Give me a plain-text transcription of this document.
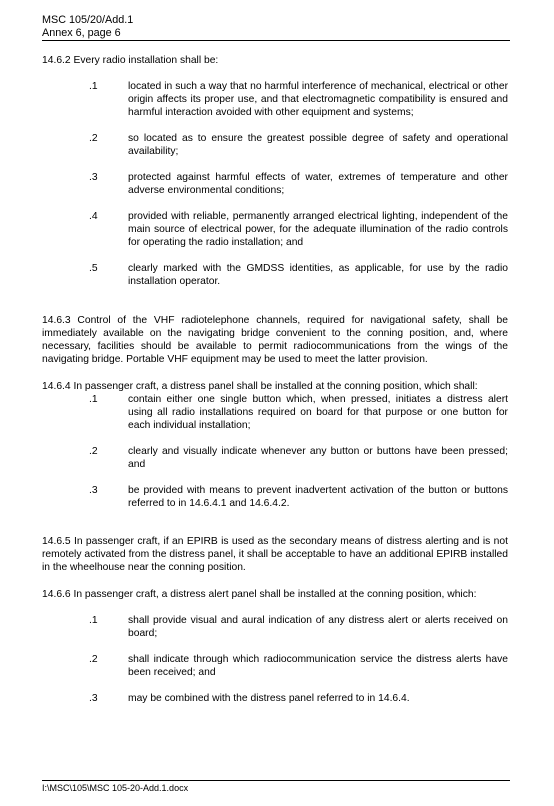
MSC 105/20/Add.1
Annex 6, page 6
14.6.2 Every radio installation shall be:
.1	located in such a way that no harmful interference of mechanical, electrical or other origin affects its proper use, and that electromagnetic compatibility is ensured and harmful interaction avoided with other equipment and systems;
.2	so located as to ensure the greatest possible degree of safety and operational availability;
.3	protected against harmful effects of water, extremes of temperature and other adverse environmental conditions;
.4	provided with reliable, permanently arranged electrical lighting, independent of the main source of electrical power, for the adequate illumination of the radio controls for operating the radio installation; and
.5	clearly marked with the GMDSS identities, as applicable, for use by the radio installation operator.
14.6.3 Control of the VHF radiotelephone channels, required for navigational safety, shall be immediately available on the navigating bridge convenient to the conning position, and, where necessary, facilities should be available to permit radiocommunications from the wings of the navigating bridge. Portable VHF equipment may be used to meet the latter provision.
14.6.4 In passenger craft, a distress panel shall be installed at the conning position, which shall:
.1	contain either one single button which, when pressed, initiates a distress alert using all radio installations required on board for that purpose or one button for each individual installation;
.2	clearly and visually indicate whenever any button or buttons have been pressed; and
.3	be provided with means to prevent inadvertent activation of the button or buttons referred to in 14.6.4.1 and 14.6.4.2.
14.6.5 In passenger craft, if an EPIRB is used as the secondary means of distress alerting and is not remotely activated from the distress panel, it shall be acceptable to have an additional EPIRB installed in the wheelhouse near the conning position.
14.6.6 In passenger craft, a distress alert panel shall be installed at the conning position, which:
.1	shall provide visual and aural indication of any distress alert or alerts received on board;
.2	shall indicate through which radiocommunication service the distress alerts have been received; and
.3	may be combined with the distress panel referred to in 14.6.4.
I:\MSC\105\MSC 105-20-Add.1.docx
